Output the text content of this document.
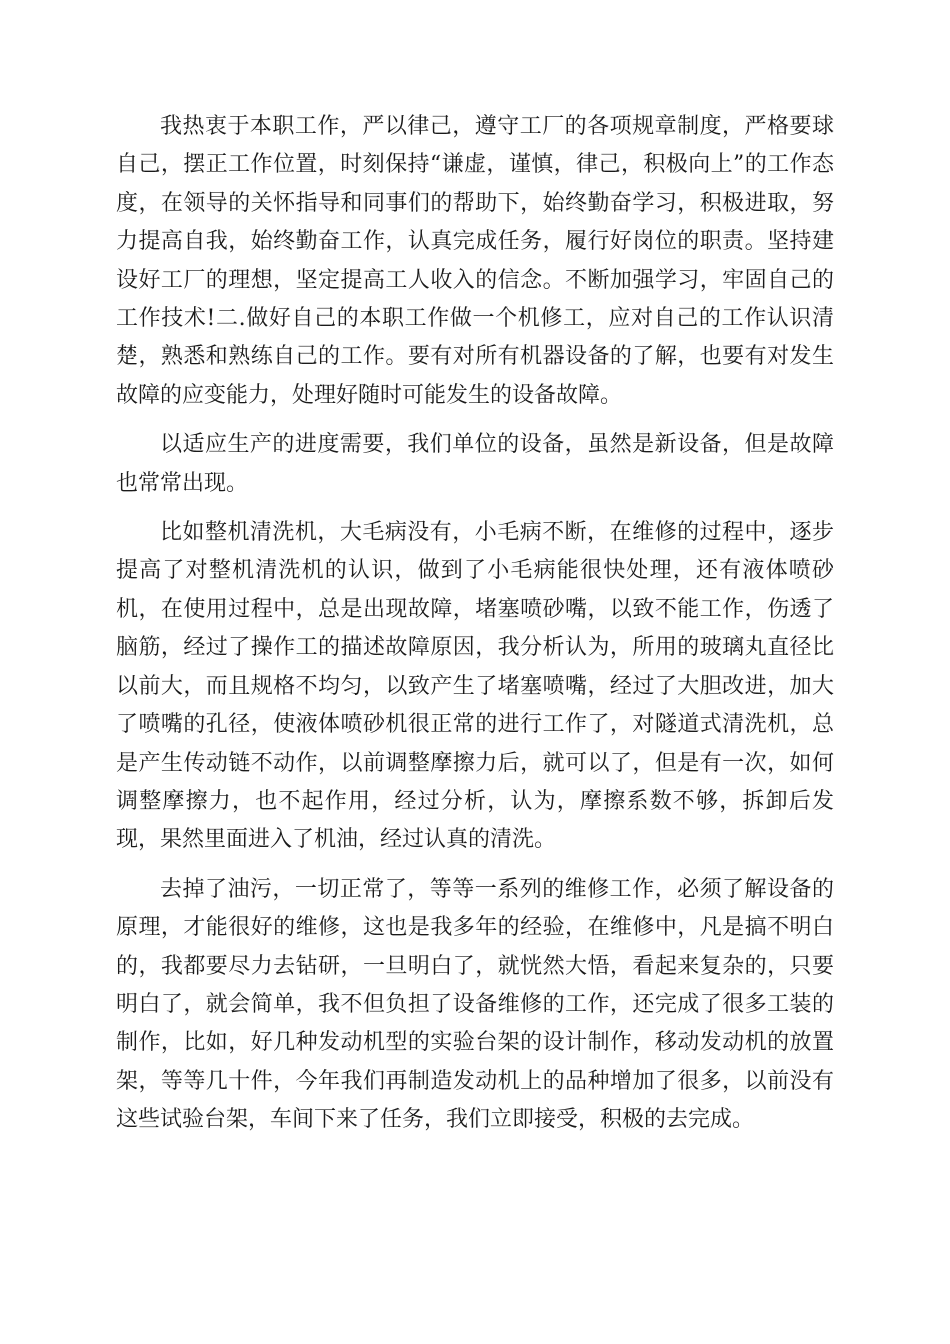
我热衷于本职工作，严以律己，遵守工厂的各项规章制度，严格要球自己，摆正工作位置，时刻保持“谦虚，谨慎，律己，积极向上”的工作态度，在领导的关怀指导和同事们的帮助下，始终勤奋学习，积极进取，努力提高自我，始终勤奋工作，认真完成任务，履行好岗位的职责。坚持建设好工厂的理想，坚定提高工人收入的信念。不断加强学习，牢固自己的工作技术!二.做好自己的本职工作做一个机修工，应对自己的工作认识清楚，熟悉和熟练自己的工作。要有对所有机器设备的了解，也要有对发生故障的应变能力，处理好随时可能发生的设备故障。

以适应生产的进度需要，我们单位的设备，虽然是新设备，但是故障也常常出现。

比如整机清洗机，大毛病没有，小毛病不断，在维修的过程中，逐步提高了对整机清洗机的认识，做到了小毛病能很快处理，还有液体喷砂机，在使用过程中，总是出现故障，堵塞喷砂嘴，以致不能工作，伤透了脑筋，经过了操作工的描述故障原因，我分析认为，所用的玻璃丸直径比以前大，而且规格不均匀，以致产生了堵塞喷嘴，经过了大胆改进，加大了喷嘴的孔径，使液体喷砂机很正常的进行工作了，对隧道式清洗机，总是产生传动链不动作，以前调整摩擦力后，就可以了，但是有一次，如何调整摩擦力，也不起作用，经过分析，认为，摩擦系数不够，拆卸后发现，果然里面进入了机油，经过认真的清洗。

去掉了油污，一切正常了，等等一系列的维修工作，必须了解设备的原理，才能很好的维修，这也是我多年的经验，在维修中，凡是搞不明白的，我都要尽力去钻研，一旦明白了，就恍然大悟，看起来复杂的，只要明白了，就会简单，我不但负担了设备维修的工作，还完成了很多工装的制作，比如，好几种发动机型的实验台架的设计制作，移动发动机的放置架，等等几十件，今年我们再制造发动机上的品种增加了很多，以前没有这些试验台架，车间下来了任务，我们立即接受，积极的去完成。
